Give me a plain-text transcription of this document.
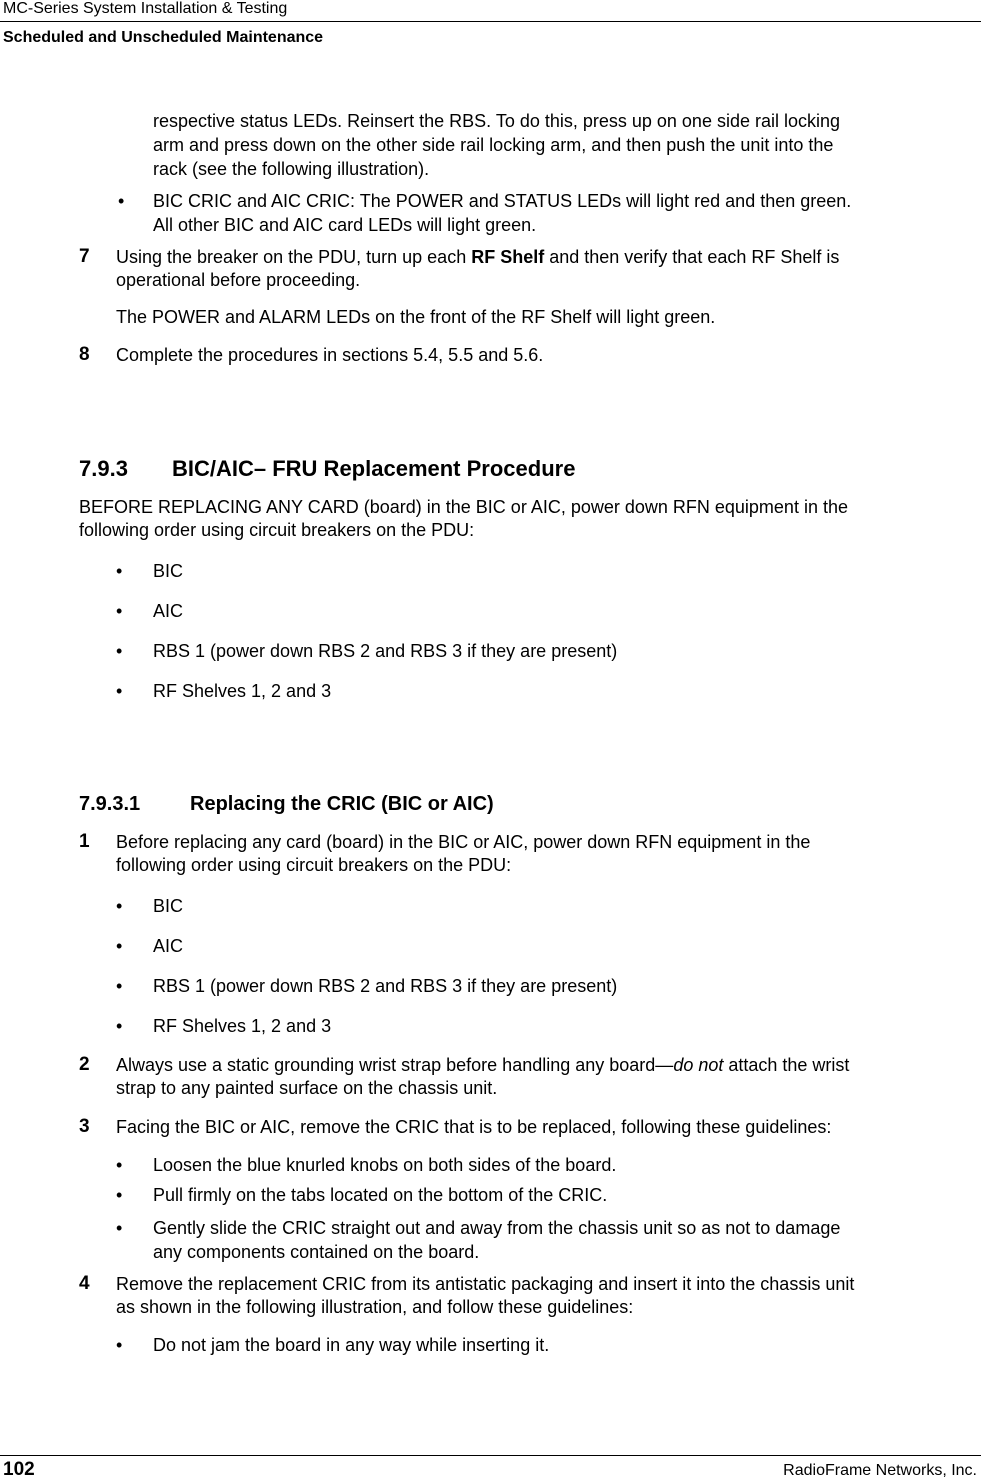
MC-Series System Installation & Testing
Scheduled and Unscheduled Maintenance
respective status LEDs. Reinsert the RBS. To do this, press up on one side rail locking
arm and press down on the other side rail locking arm, and then push the unit into the
rack (see the following illustration).
• BIC CRIC and AIC CRIC: The POWER and STATUS LEDs will light red and then green.
All other BIC and AIC card LEDs will light green.
7 Using the breaker on the PDU, turn up each RF Shelf and then verify that each RF Shelf is
operational before proceeding.
The POWER and ALARM LEDs on the front of the RF Shelf will light green.
8 Complete the procedures in sections 5.4, 5.5 and 5.6.
7.9.3 BIC/AIC– FRU Replacement Procedure
BEFORE REPLACING ANY CARD (board) in the BIC or AIC, power down RFN equipment in the
following order using circuit breakers on the PDU:
• BIC
• AIC
• RBS 1 (power down RBS 2 and RBS 3 if they are present)
• RF Shelves 1, 2 and 3
7.9.3.1 Replacing the CRIC (BIC or AIC)
1 Before replacing any card (board) in the BIC or AIC, power down RFN equipment in the
following order using circuit breakers on the PDU:
• BIC
• AIC
• RBS 1 (power down RBS 2 and RBS 3 if they are present)
• RF Shelves 1, 2 and 3
2 Always use a static grounding wrist strap before handling any board—do not attach the wrist
strap to any painted surface on the chassis unit.
3 Facing the BIC or AIC, remove the CRIC that is to be replaced, following these guidelines:
• Loosen the blue knurled knobs on both sides of the board.
• Pull firmly on the tabs located on the bottom of the CRIC.
• Gently slide the CRIC straight out and away from the chassis unit so as not to damage
any components contained on the board.
4 Remove the replacement CRIC from its antistatic packaging and insert it into the chassis unit
as shown in the following illustration, and follow these guidelines:
• Do not jam the board in any way while inserting it.
102	RadioFrame Networks, Inc.
